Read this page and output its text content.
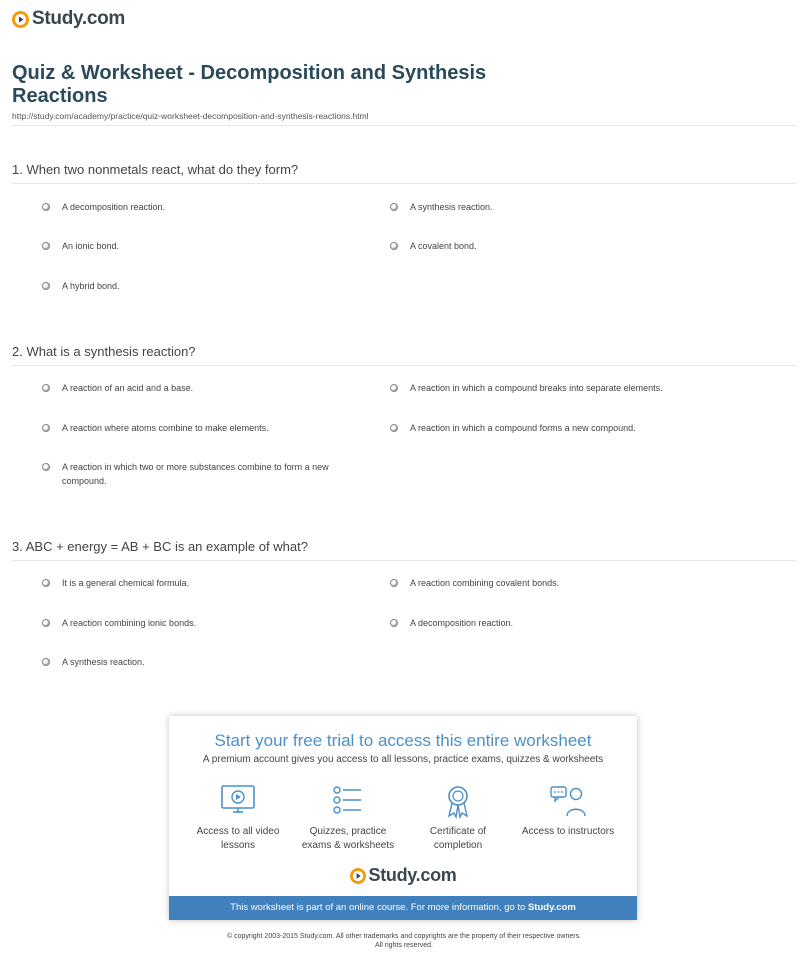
Study.com
Quiz & Worksheet - Decomposition and Synthesis Reactions
http://study.com/academy/practice/quiz-worksheet-decomposition-and-synthesis-reactions.html
1. When two nonmetals react, what do they form?
A decomposition reaction.	A synthesis reaction.
An ionic bond.	A covalent bond.
A hybrid bond.
2. What is a synthesis reaction?
A reaction of an acid and a base.	A reaction in which a compound breaks into separate elements.
A reaction where atoms combine to make elements.	A reaction in which a compound forms a new compound.
A reaction in which two or more substances combine to form a new compound.
3. ABC + energy = AB + BC is an example of what?
It is a general chemical formula.	A reaction combining covalent bonds.
A reaction combining ionic bonds.	A decomposition reaction.
A synthesis reaction.
Start your free trial to access this entire worksheet
A premium account gives you access to all lessons, practice exams, quizzes & worksheets
Access to all video lessons
Quizzes, practice exams & worksheets
Certificate of completion
Access to instructors
Study.com
This worksheet is part of an online course. For more information, go to Study.com
© copyright 2003-2015 Study.com. All other trademarks and copyrights are the property of their respective owners.
All rights reserved.
